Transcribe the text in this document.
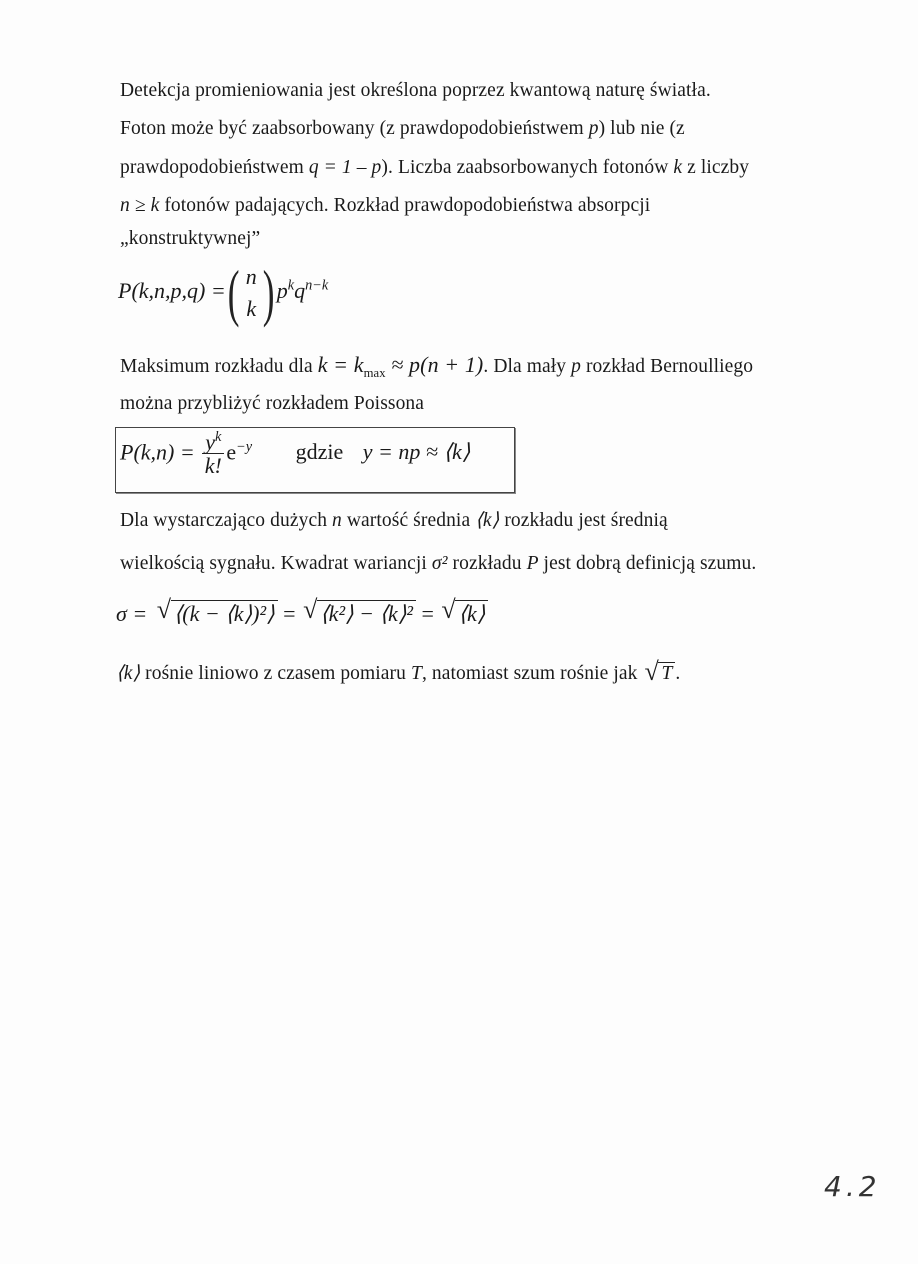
Detekcja promieniowania jest określona poprzez kwantową naturę światła.
Foton może być zaabsorbowany (z prawdopodobieństwem p) lub nie (z
prawdopodobieństwem q = 1 – p). Liczba zaabsorbowanych fotonów k z liczby
n ≥ k fotonów padających. Rozkład prawdopodobieństwa absorpcji
„konstruktywnej”
P(k,n,p,q) = ( n
k ) $p^kq^{n-k}$
Maksimum rozkładu dla $k = k_{max} \approx p(n + 1)$. Dla mały p rozkład Bernoulliego
można przybliżyć rozkładem Poissona
$P(k,n) = \frac{y^k}{k!} e^{-y}$ gdzie y = np ≈ ⟨k⟩
Dla wystarczająco dużych n wartość średnia ⟨k⟩ rozkładu jest średnią
wielkością sygnału. Kwadrat wariancji σ² rozkładu P jest dobrą definicją szumu.
σ = √ ⟨(k − ⟨k⟩)²⟩ = √ ⟨k²⟩ − ⟨k⟩² = √ ⟨k⟩
⟨k⟩ rośnie liniowo z czasem pomiaru T, natomiast szum rośnie jak √ T .
4.2
